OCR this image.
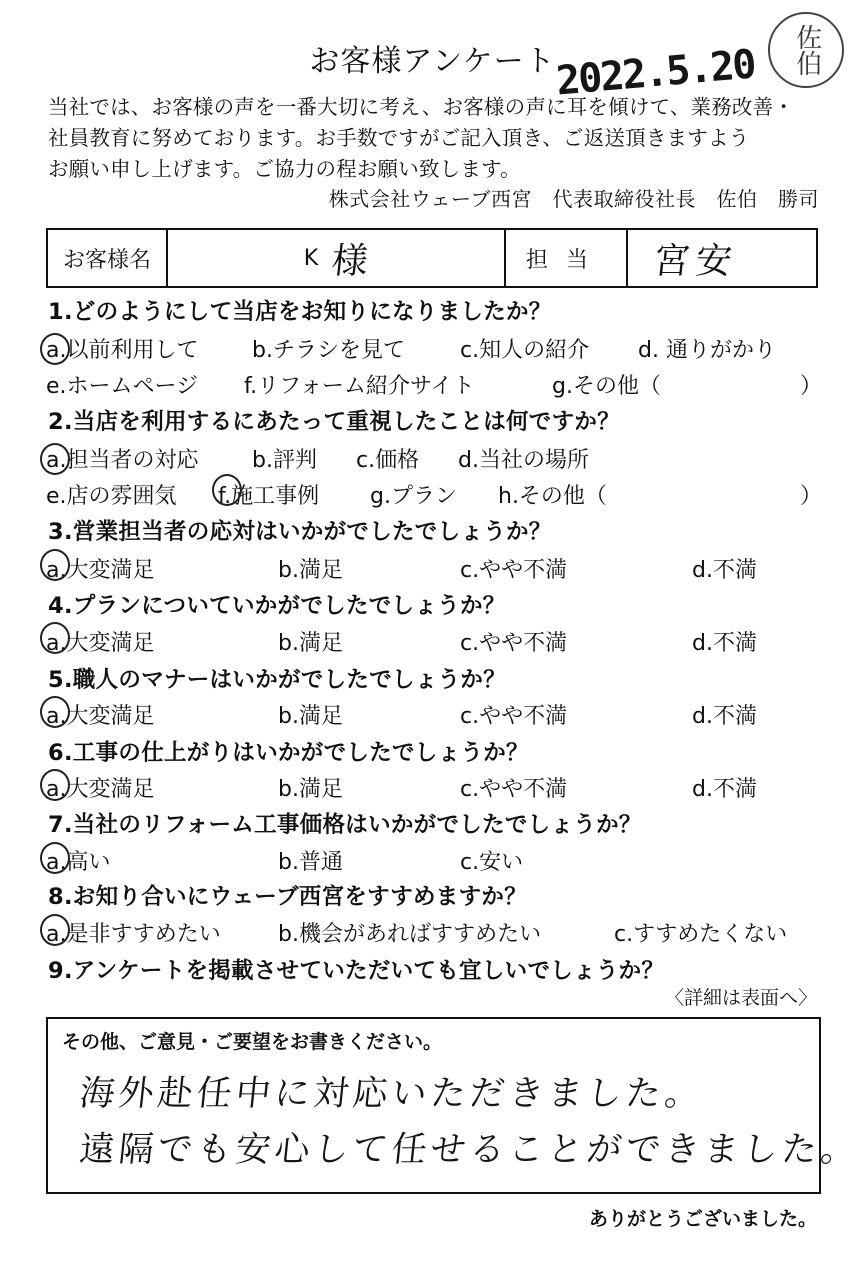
お客様アンケート
2022.5.20 佐伯
当社では、お客様の声を一番大切に考え、お客様の声に耳を傾けて、業務改善・
社員教育に努めております。お手数ですがご記入頂き、ご返送頂きますよう
お願い申し上げます。ご協力の程お願い致します。
株式会社ウェーブ西宮　代表取締役社長　佐伯　勝司
お客様名	K 様	担当	宮安
1.どのようにして当店をお知りになりましたか？
a.以前利用して b.チラシを見て	c.知人の紹介 d. 通りがかり
e.ホームページ f.リフォーム紹介サイト	g.その他（	）
2.当店を利用するにあたって重視したことは何ですか？
a.担当者の対応 b.評判 c.価格 d.当社の場所
e.店の雰囲気 f.施工事例 g.プラン h.その他（	）
3.営業担当者の応対はいかがでしたでしょうか？
a.大変満足	b.満足	c.やや不満	d.不満
4.プランについていかがでしたでしょうか？
a.大変満足	b.満足	c.やや不満	d.不満
5.職人のマナーはいかがでしたでしょうか？
a.大変満足	b.満足	c.やや不満	d.不満
6.工事の仕上がりはいかがでしたでしょうか？
a.大変満足	b.満足	c.やや不満	d.不満
7.当社のリフォーム工事価格はいかがでしたでしょうか？
a.高い	b.普通	c.安い
8.お知り合いにウェーブ西宮をすすめますか？
a.是非すすめたい	b.機会があればすすめたい	c.すすめたくない
9.アンケートを掲載させていただいても宜しいでしょうか？
〈詳細は表面へ〉
その他、ご意見・ご要望をお書きください。
海外赴任中に対応いただきました。
遠隔でも安心して任せることができました。
ありがとうございました。
